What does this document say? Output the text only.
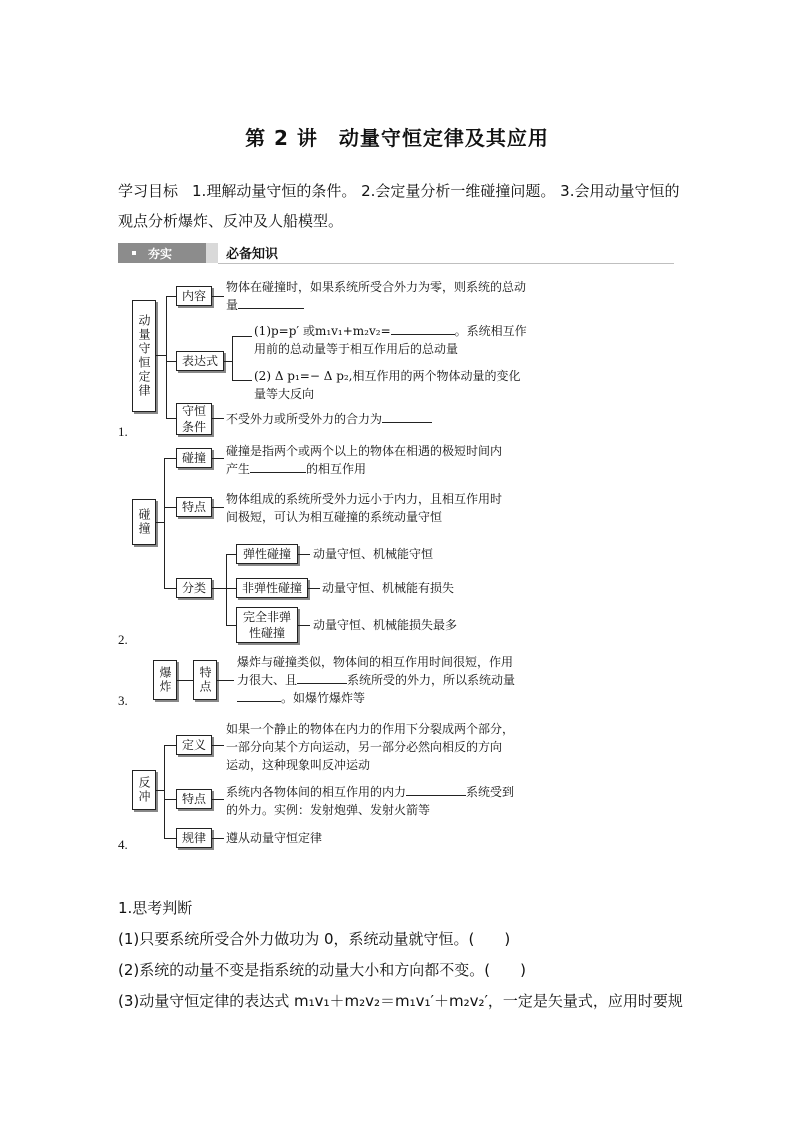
第 2 讲　动量守恒定律及其应用
学习目标 1.理解动量守恒的条件。 2.会定量分析一维碰撞问题。 3.会用动量守恒的观点分析爆炸、反冲及人船模型。
夯实	必备知识
1.
动量守恒定律
内容
物体在碰撞时，如果系统所受合外力为零，则系统的总动量
表达式
(1)p=p′ 或m₁v₁+m₂v₂=	。系统相互作
用前的总动量等于相互作用后的总动量
(2) Δ p₁=− Δ p₂,相互作用的两个物体动量的变化
量等大反向
守恒条件
不受外力或所受外力的合力为
2.
碰撞
碰撞	碰撞是指两个或两个以上的物体在相遇的极短时间内
产生	的相互作用
特点
物体组成的系统所受外力远小于内力，且相互作用时
间极短，可认为相互碰撞的系统动量守恒
分类
弹性碰撞	动量守恒、机械能守恒
非弹性碰撞	动量守恒、机械能有损失
完全非弹性碰撞
动量守恒、机械能损失最多
3.
爆炸	特点
爆炸与碰撞类似，物体间的相互作用时间很短，作用
力很大、且	系统所受的外力，所以系统动量
。如爆竹爆炸等
4.
反冲
定义
如果一个静止的物体在内力的作用下分裂成两个部分，
一部分向某个方向运动，另一部分必然向相反的方向
运动，这种现象叫反冲运动
特点	系统内各物体间的相互作用的内力	系统受到
的外力。实例：发射炮弹、发射火箭等
规律	遵从动量守恒定律
1.思考判断
(1)只要系统所受合外力做功为 0，系统动量就守恒。(　　)
(2)系统的动量不变是指系统的动量大小和方向都不变。(　　)
(3)动量守恒定律的表达式 m₁v₁＋m₂v₂＝m₁v₁′＋m₂v₂′，一定是矢量式，应用时要规
